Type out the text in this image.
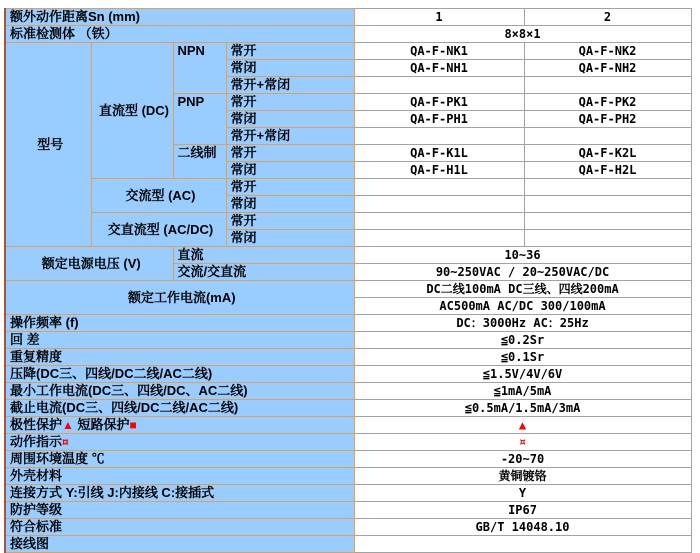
额外动作距离Sn (mm)				1	2
标准检测体 （铁）				8×8×1	
型号	直流型 (DC)	NPN	常开	QA-F-NK1	QA-F-NK2
			常闭	QA-F-NH1	QA-F-NH2
			常开+常闭		
		PNP	常开	QA-F-PK1	QA-F-PK2
			常闭	QA-F-PH1	QA-F-PH2
			常开+常闭		
		二线制	常开	QA-F-K1L	QA-F-K2L
			常闭	QA-F-H1L	QA-F-H2L
	交流型 (AC)		常开		
			常闭		
	交直流型 (AC/DC)		常开		
			常闭		
额定电源电压 (V)		直流		10~36	
		交流/交直流		90~250VAC / 20~250VAC/DC	
额定工作电流(mA)				DC二线100mA DC三线、四线200mA	
				AC500mA AC/DC 300/100mA	
操作频率 (f)				DC：3000Hz AC：25Hz	
回 差				≦0.2Sr	
重复精度				≦0.1Sr	
压降(DC三、四线/DC二线/AC二线)				≦1.5V/4V/6V	
最小工作电流(DC三、四线/DC、AC二线)				≦1mA/5mA	
截止电流(DC三、四线/DC二线/AC二线)				≦0.5mA/1.5mA/3mA	
极性保护▲ 短路保护■				▲	
动作指示¤				¤	
周围环境温度 ℃				-20~70	
外壳材料				黄铜镀铬	
连接方式 Y:引线 J:内接线 C:接插式				Y	
防护等级				IP67	
符合标准				GB/T 14048.10	
接线图					
